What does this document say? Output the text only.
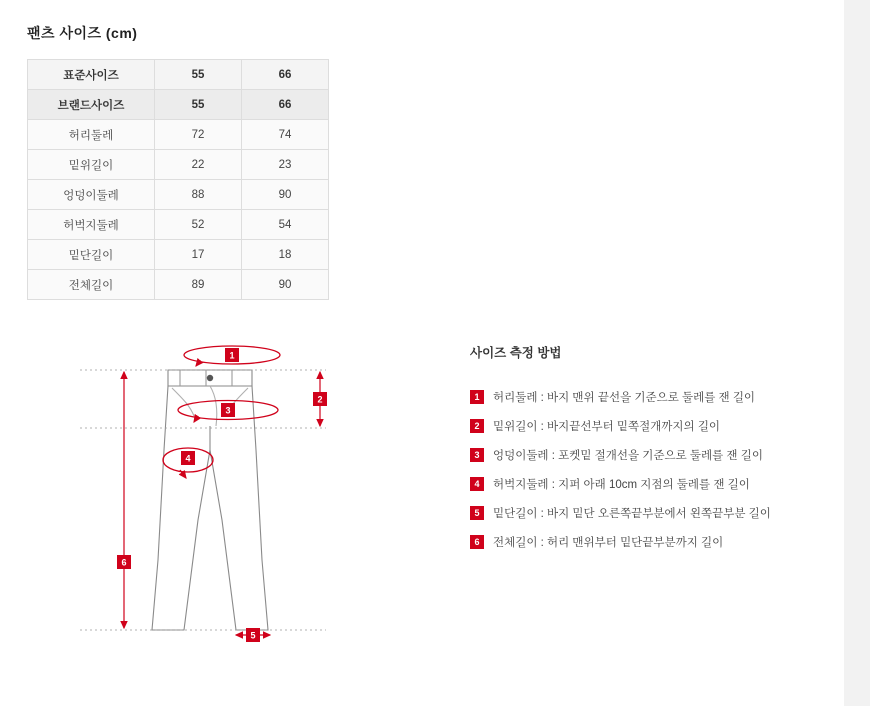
팬츠 사이즈 (cm)
표준사이즈	55	66
브랜드사이즈	55	66
허리둘레	72	74
밑위길이	22	23
엉덩이둘레	88	90
허벅지둘레	52	54
밑단길이	17	18
전체길이	89	90
1
2
3
4
5
6
사이즈 측정 방법
1	허리둘레 : 바지 맨위 끝선을 기준으로 둘레를 잰 길이
2	밑위길이 : 바지끝선부터 밑쪽절개까지의 길이
3	엉덩이둘레 : 포켓밑 절개선을 기준으로 둘레를 잰 길이
4	허벅지둘레 : 지퍼 아래 10cm 지점의 둘레를 잰 길이
5	밑단길이 : 바지 밑단 오른쪽끝부분에서 왼쪽끝부분 길이
6	전체길이 : 허리 맨위부터 밑단끝부분까지 길이
